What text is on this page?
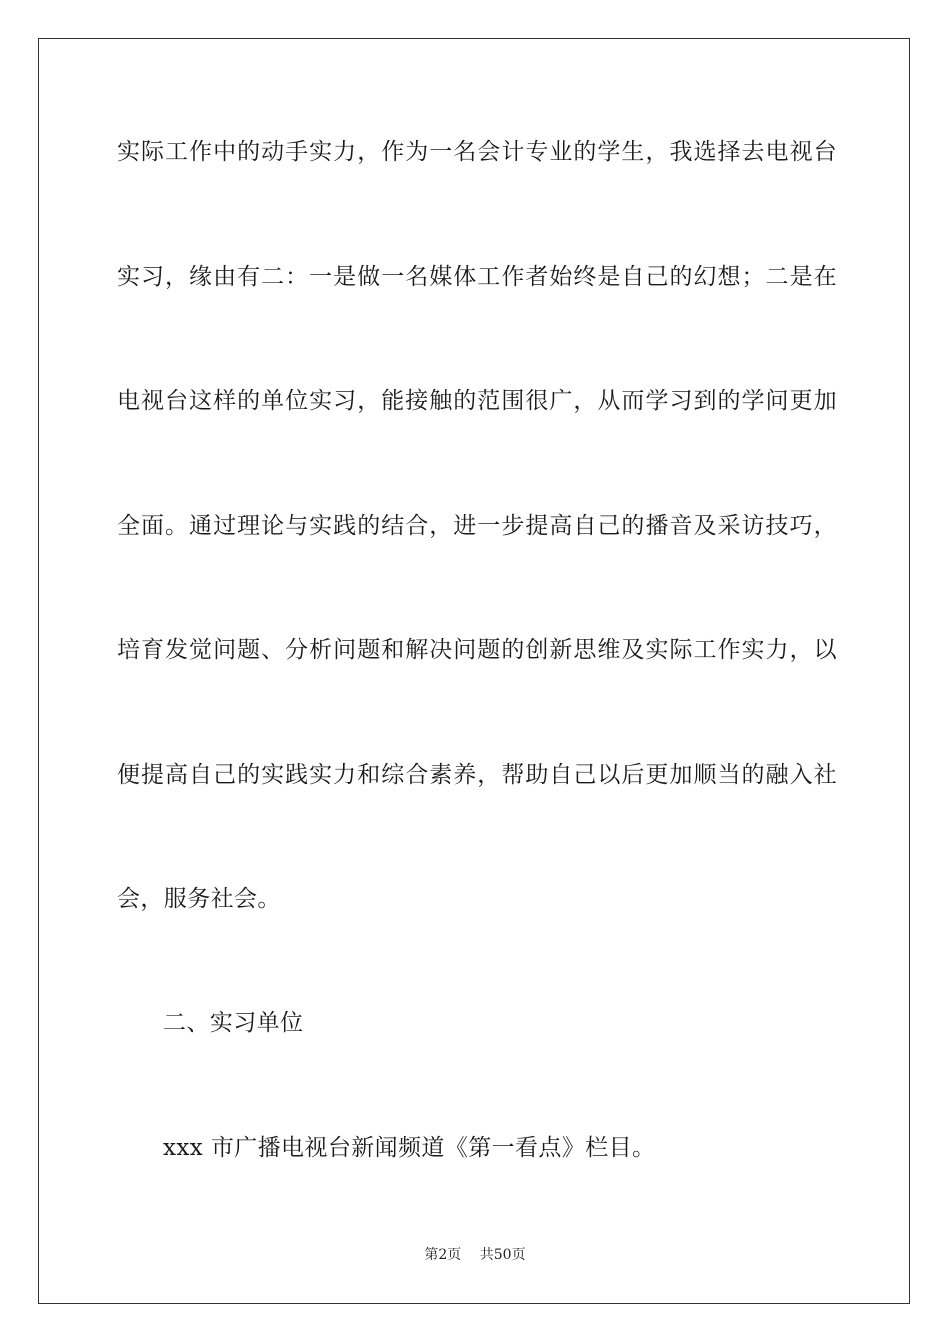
实际工作中的动手实力，作为一名会计专业的学生，我选择去电视台
实习，缘由有二：一是做一名媒体工作者始终是自己的幻想；二是在
电视台这样的单位实习，能接触的范围很广，从而学习到的学问更加
全面。通过理论与实践的结合，进一步提高自己的播音及采访技巧，
培育发觉问题、分析问题和解决问题的创新思维及实际工作实力，以
便提高自己的实践实力和综合素养，帮助自己以后更加顺当的融入社
会，服务社会。
二、实习单位
xxx 市广播电视台新闻频道《第一看点》栏目。
第2页 共50页
